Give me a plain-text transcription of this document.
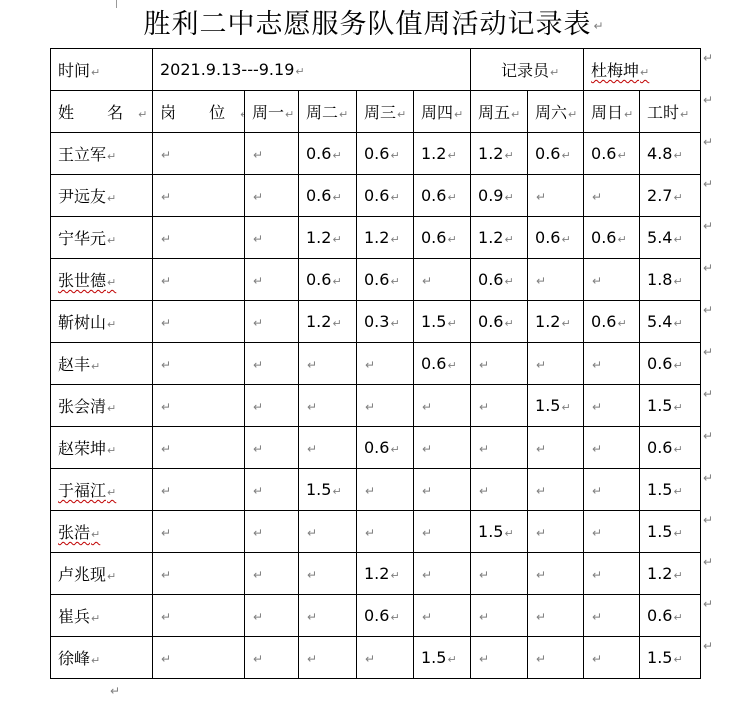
胜利二中志愿服务队值周活动记录表 ↵
时间 ↵	2021.9.13---9.19 ↵					记录员 ↵		杜梅坤 ↵
姓 名 ↵	岗 位 ↵	周一 ↵	周二 ↵	周三 ↵	周四 ↵	周五 ↵	周六 ↵	周日 ↵	工时 ↵
王立军 ↵	↵	↵	0.6 ↵	0.6 ↵	1.2 ↵	1.2 ↵	0.6 ↵	0.6 ↵	4.8 ↵
尹远友 ↵	↵	↵	0.6 ↵	0.6 ↵	0.6 ↵	0.9 ↵	↵	↵	2.7 ↵
宁华元 ↵	↵	↵	1.2 ↵	1.2 ↵	0.6 ↵	1.2 ↵	0.6 ↵	0.6 ↵	5.4 ↵
张世德 ↵	↵	↵	0.6 ↵	0.6 ↵	↵	0.6 ↵	↵	↵	1.8 ↵
靳树山 ↵	↵	↵	1.2 ↵	0.3 ↵	1.5 ↵	0.6 ↵	1.2 ↵	0.6 ↵	5.4 ↵
赵丰 ↵	↵	↵	↵	↵	0.6 ↵	↵	↵	↵	0.6 ↵
张会清 ↵	↵	↵	↵	↵	↵	↵	1.5 ↵	↵	1.5 ↵
赵荣坤 ↵	↵	↵	↵	0.6 ↵	↵	↵	↵	↵	0.6 ↵
于福江 ↵	↵	↵	1.5 ↵	↵	↵	↵	↵	↵	1.5 ↵
张浩 ↵	↵	↵	↵	↵	↵	1.5 ↵	↵	↵	1.5 ↵
卢兆现 ↵	↵	↵	↵	1.2 ↵	↵	↵	↵	↵	1.2 ↵
崔兵 ↵	↵	↵	↵	0.6 ↵	↵	↵	↵	↵	0.6 ↵
徐峰 ↵	↵	↵	↵	↵	1.5 ↵	↵	↵	↵	1.5 ↵
↵
↵
↵
↵
↵
↵
↵
↵
↵
↵
↵
↵
↵
↵
↵
↵
